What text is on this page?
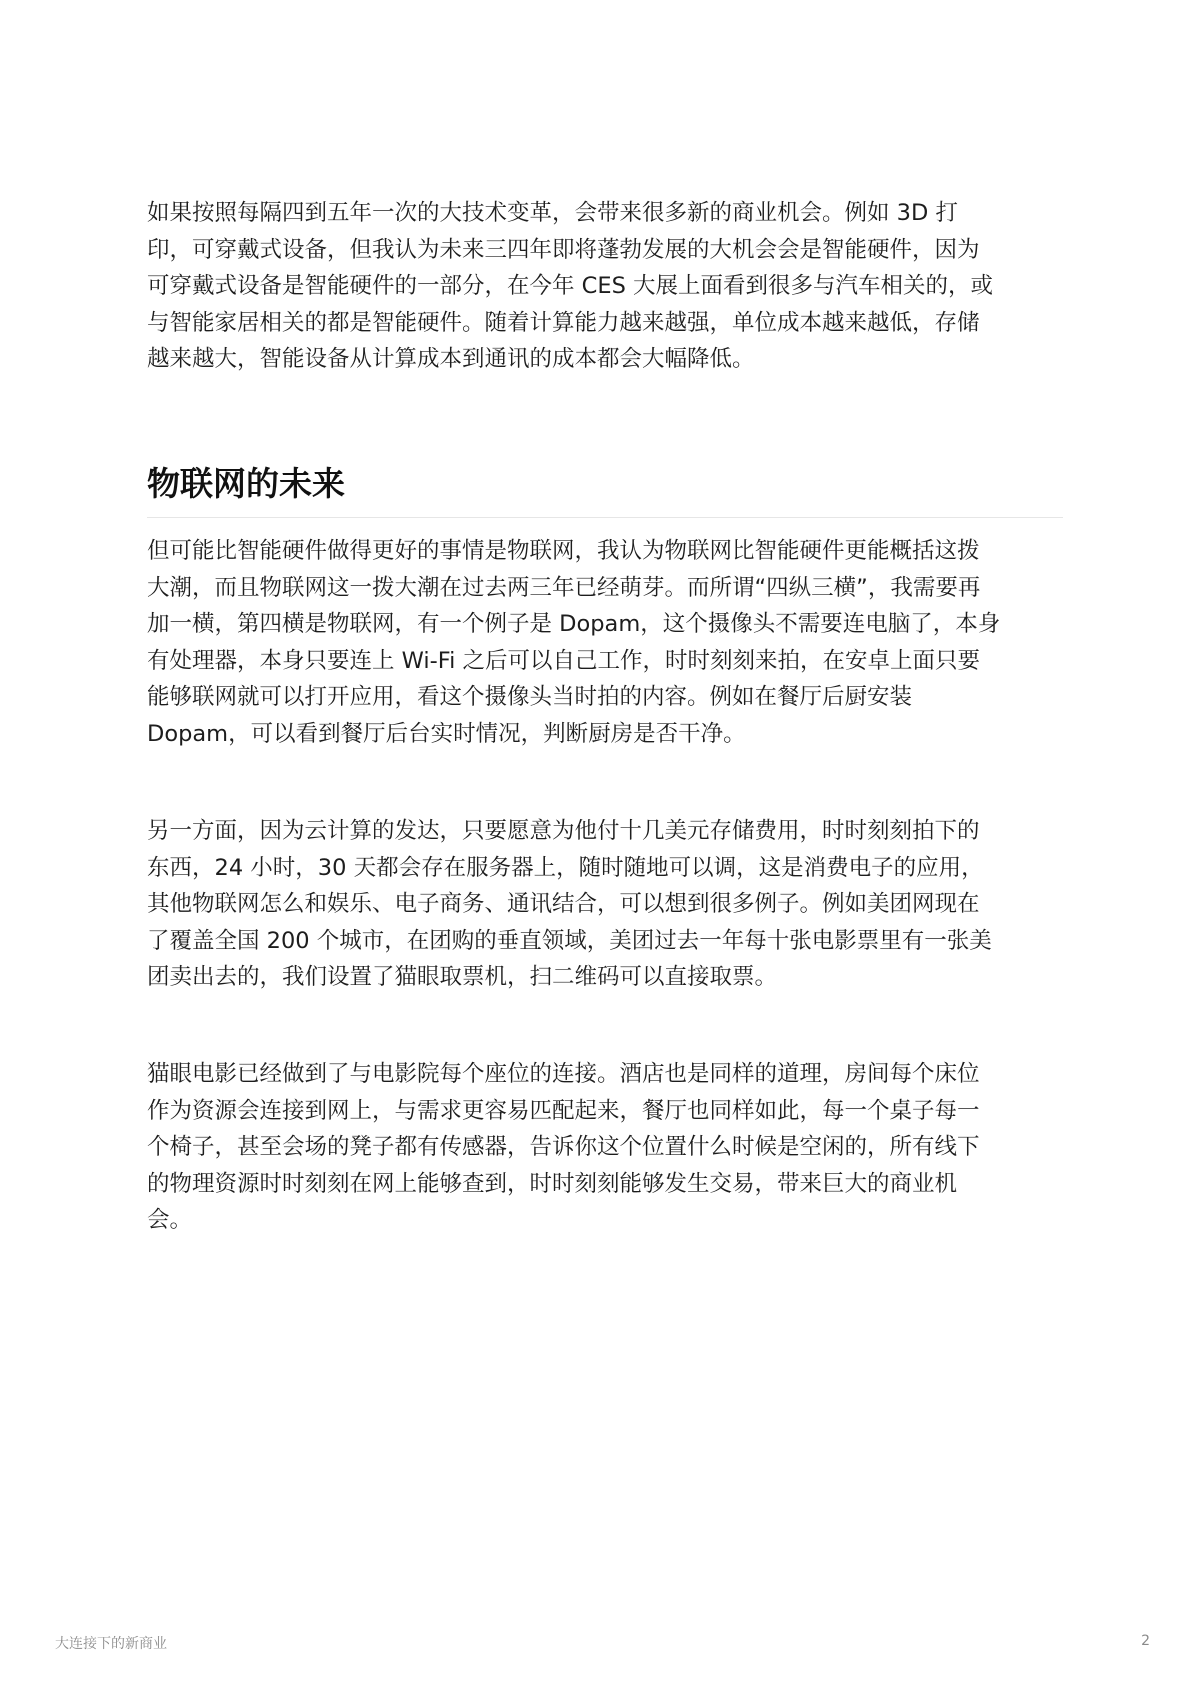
如果按照每隔四到五年一次的大技术变革，会带来很多新的商业机会。例如 3D 打
印，可穿戴式设备，但我认为未来三四年即将蓬勃发展的大机会会是智能硬件，因为
可穿戴式设备是智能硬件的一部分，在今年 CES 大展上面看到很多与汽车相关的，或
与智能家居相关的都是智能硬件。随着计算能力越来越强，单位成本越来越低，存储
越来越大，智能设备从计算成本到通讯的成本都会大幅降低。
物联网的未来
但可能比智能硬件做得更好的事情是物联网，我认为物联网比智能硬件更能概括这拨
大潮，而且物联网这一拨大潮在过去两三年已经萌芽。而所谓“四纵三横”，我需要再
加一横，第四横是物联网，有一个例子是 Dopam，这个摄像头不需要连电脑了，本身
有处理器，本身只要连上 Wi-Fi 之后可以自己工作，时时刻刻来拍，在安卓上面只要
能够联网就可以打开应用，看这个摄像头当时拍的内容。例如在餐厅后厨安装
Dopam，可以看到餐厅后台实时情况，判断厨房是否干净。
另一方面，因为云计算的发达，只要愿意为他付十几美元存储费用，时时刻刻拍下的
东西，24 小时，30 天都会存在服务器上，随时随地可以调，这是消费电子的应用，
其他物联网怎么和娱乐、电子商务、通讯结合，可以想到很多例子。例如美团网现在
了覆盖全国 200 个城市，在团购的垂直领域，美团过去一年每十张电影票里有一张美
团卖出去的，我们设置了猫眼取票机，扫二维码可以直接取票。
猫眼电影已经做到了与电影院每个座位的连接。酒店也是同样的道理，房间每个床位
作为资源会连接到网上，与需求更容易匹配起来，餐厅也同样如此，每一个桌子每一
个椅子，甚至会场的凳子都有传感器，告诉你这个位置什么时候是空闲的，所有线下
的物理资源时时刻刻在网上能够查到，时时刻刻能够发生交易，带来巨大的商业机
会。
大连接下的新商业	2
